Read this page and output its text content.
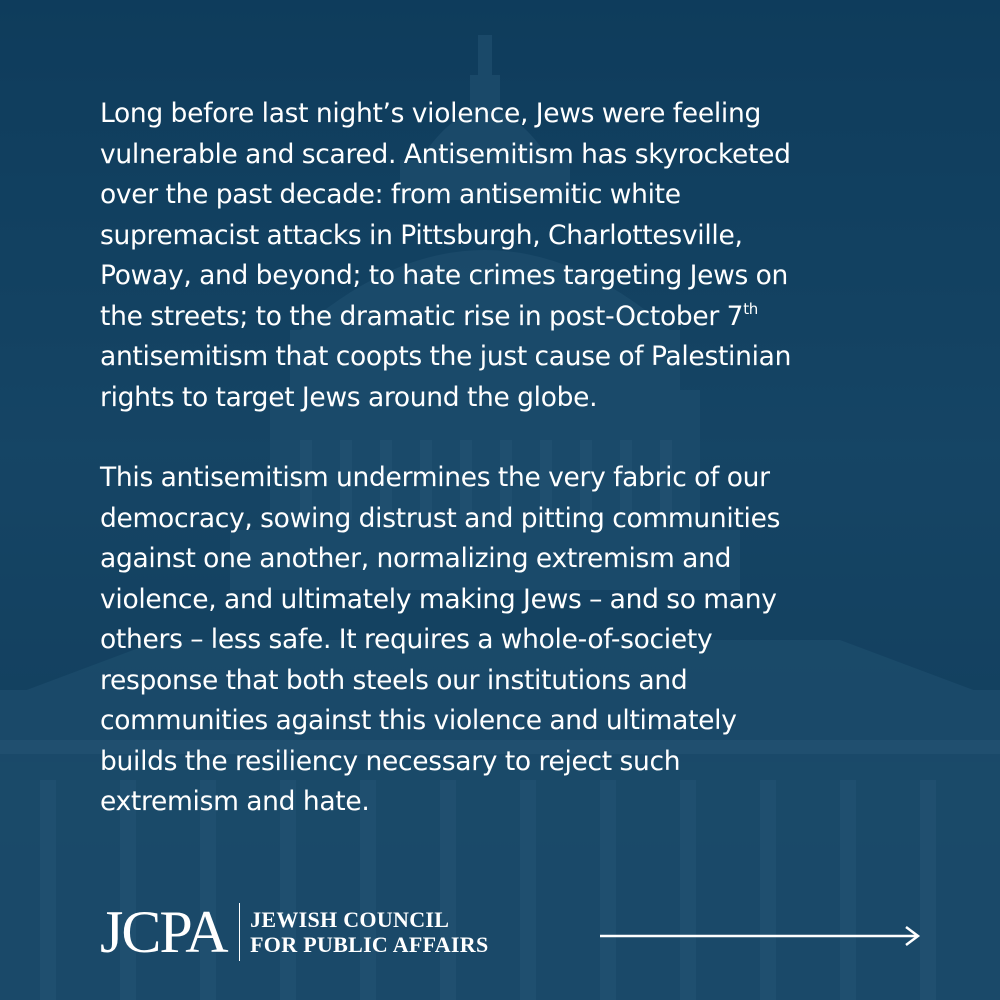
Long before last night’s violence, Jews were feeling
vulnerable and scared. Antisemitism has skyrocketed
over the past decade: from antisemitic white
supremacist attacks in Pittsburgh, Charlottesville,
Poway, and beyond; to hate crimes targeting Jews on
the streets; to the dramatic rise in post-October 7th
antisemitism that coopts the just cause of Palestinian
rights to target Jews around the globe.

This antisemitism undermines the very fabric of our
democracy, sowing distrust and pitting communities
against one another, normalizing extremism and
violence, and ultimately making Jews – and so many
others – less safe. It requires a whole-of-society
response that both steels our institutions and
communities against this violence and ultimately
builds the resiliency necessary to reject such
extremism and hate.

JCPA JEWISH COUNCIL
FOR PUBLIC AFFAIRS
